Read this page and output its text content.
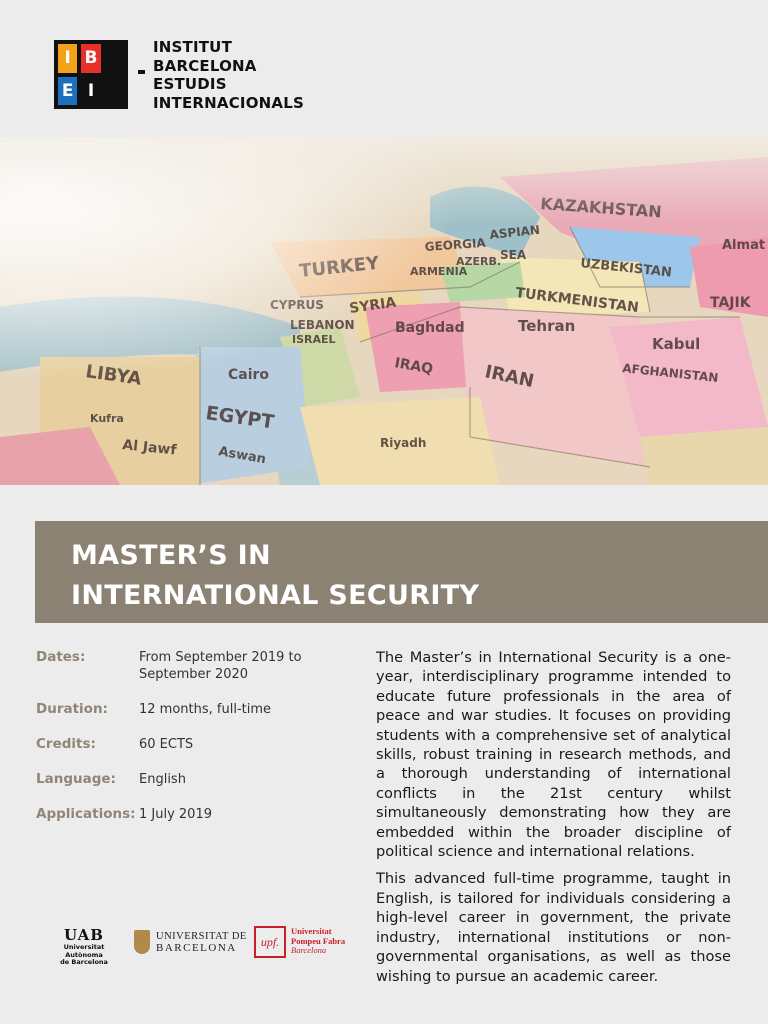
I B
E I
INSTITUT
BARCELONA
ESTUDIS
INTERNACIONALS
MASTER’S IN
INTERNATIONAL SECURITY
Dates:	From September 2019 to September 2020
Duration: 12 months, full-time
Credits:	60 ECTS
Language: English
Applications: 1 July 2019

The Master’s in International Security is a one-year, interdisciplinary programme intended to educate future professionals in the area of peace and war studies. It focuses on providing students with a comprehensive set of analytical skills, robust training in research methods, and a thorough understanding of international conflicts in the 21st century whilst simultaneously demonstrating how they are embedded within the broader discipline of political science and international relations.

This advanced full-time programme, taught in English, is tailored for individuals considering a high-level career in government, the private industry, international institutions or non-governmental organisations, as well as those wishing to pursue an academic career.

UAB
Universitat Autònoma
de Barcelona
UNIVERSITAT DE
BARCELONA	upf.
Universitat
Pompeu Fabra
Barcelona
